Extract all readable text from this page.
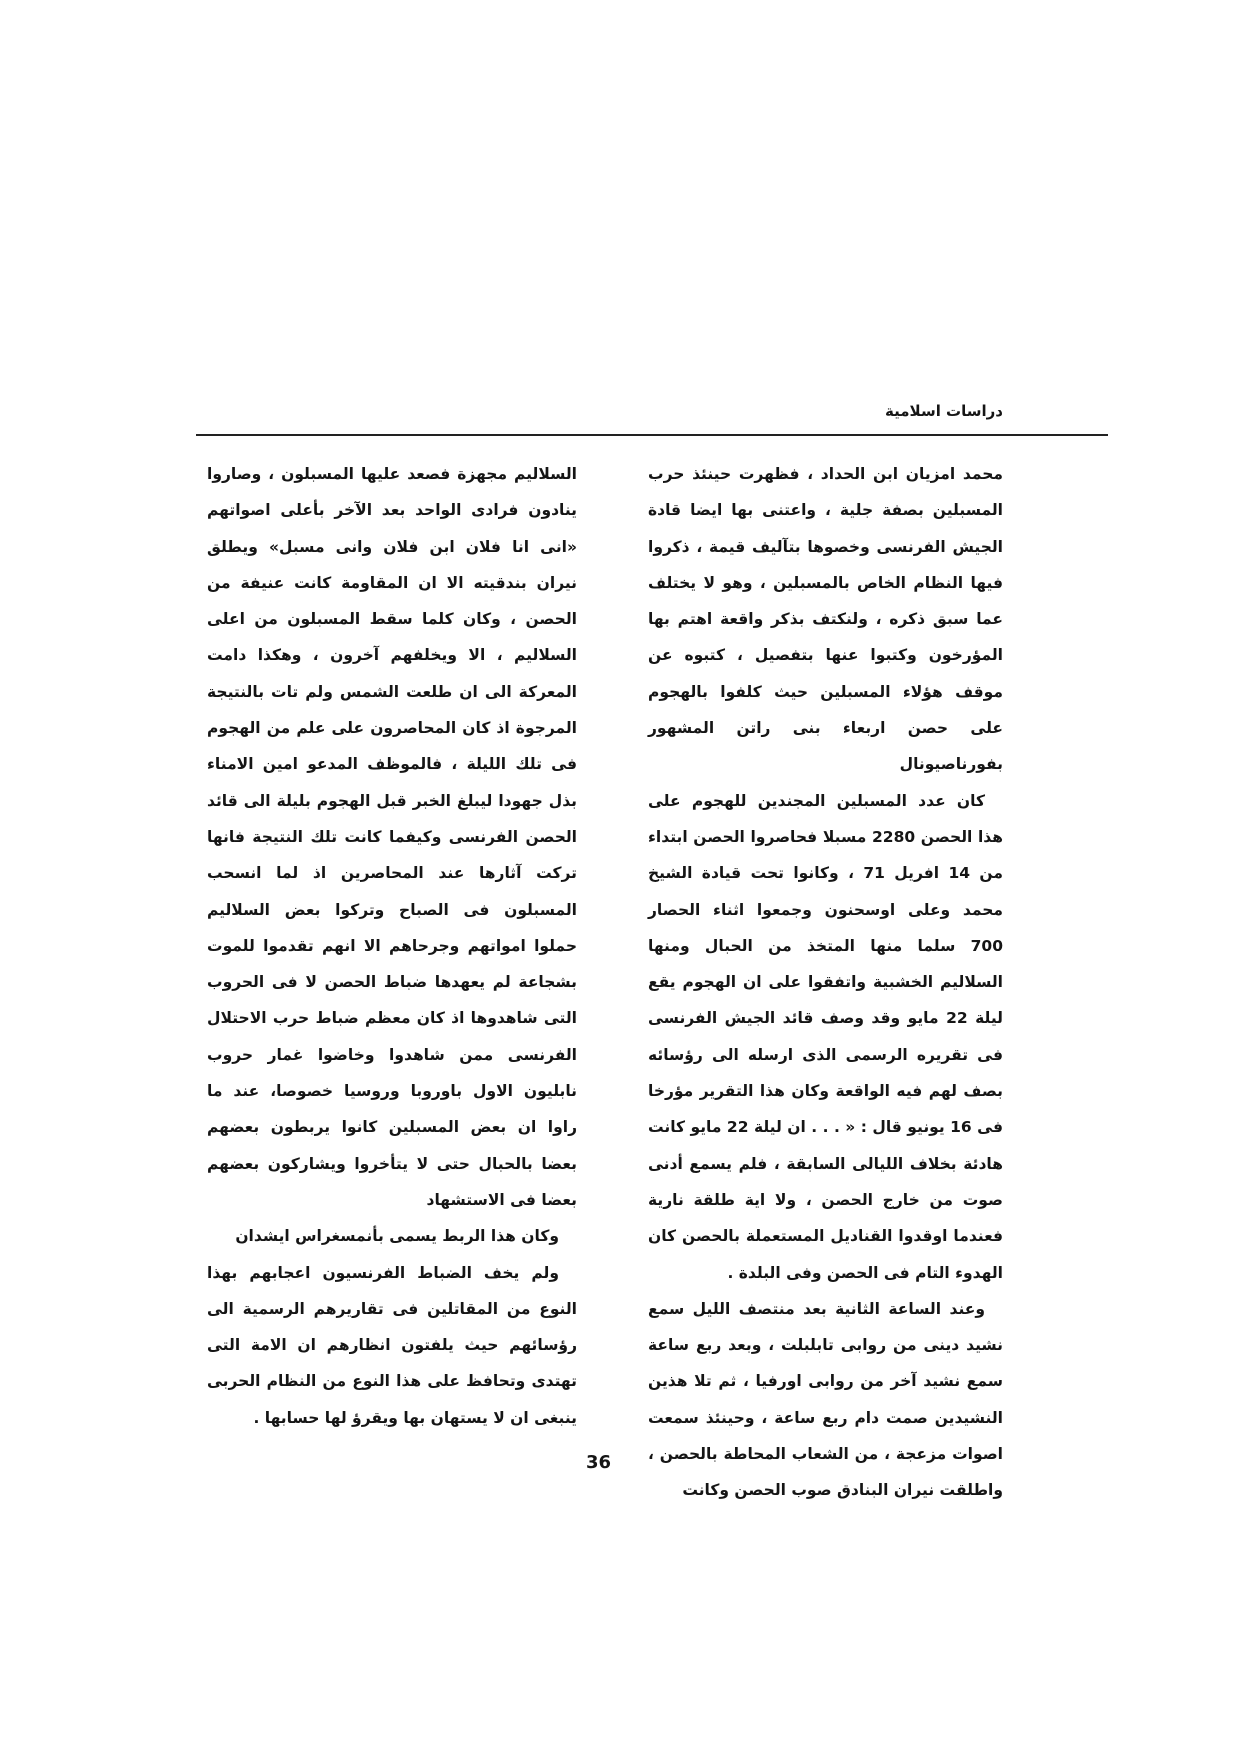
دراسات اسلامية

محمد امزيان ابن الحداد ، فظهرت حينئذ حرب المسبلين بصفة جلية ، واعتنى بها ايضا قادة الجيش الفرنسى وخصوها بتآليف قيمة ، ذكروا فيها النظام الخاص بالمسبلين ، وهو لا يختلف عما سبق ذكره ، ولنكتف بذكر واقعة اهتم بها المؤرخون وكتبوا عنها بتفصيل ، كتبوه عن موقف هؤلاء المسبلين حيث كلفوا بالهجوم على حصن اربعاء بنى راتن المشهور بفورناصيونال

كان عدد المسبلين المجندين للهجوم على هذا الحصن 2280 مسبلا فحاصروا الحصن ابتداء من 14 افريل 71 ، وكانوا تحت قيادة الشيخ محمد وعلى اوسحنون وجمعوا اثناء الحصار 700 سلما منها المتخذ من الحبال ومنها السلاليم الخشبية واتفقوا على ان الهجوم يقع ليلة 22 مايو وقد وصف قائد الجيش الفرنسى فى تقريره الرسمى الذى ارسله الى رؤسائه بصف لهم فيه الواقعة وكان هذا التقرير مؤرخا فى 16 يونيو قال : « . . . ان ليلة 22 مايو كانت هادئة بخلاف الليالى السابقة ، فلم يسمع أدنى صوت من خارج الحصن ، ولا اية طلقة نارية فعندما اوقدوا القناديل المستعملة بالحصن كان الهدوء التام فى الحصن وفى البلدة .

وعند الساعة الثانية بعد منتصف الليل سمع نشيد دينى من روابى تابلبلت ، وبعد ربع ساعة سمع نشيد آخر من روابى اورفيا ، ثم تلا هذين النشيدين صمت دام ربع ساعة ، وحينئذ سمعت اصوات مزعجة ، من الشعاب المحاطة بالحصن ، واطلقت نيران البنادق صوب الحصن وكانت

السلاليم مجهزة فصعد عليها المسبلون ، وصاروا ينادون فرادى الواحد بعد الآخر بأعلى اصواتهم «انى انا فلان ابن فلان وانى مسبل» ويطلق نيران بندقيته الا ان المقاومة كانت عنيفة من الحصن ، وكان كلما سقط المسبلون من اعلى السلاليم ، الا ويخلفهم آخرون ، وهكذا دامت المعركة الى ان طلعت الشمس ولم تات بالنتيجة المرجوة اذ كان المحاصرون على علم من الهجوم فى تلك الليلة ، فالموظف المدعو امين الامناء بذل جهودا ليبلغ الخبر قبل الهجوم بليلة الى قائد الحصن الفرنسى وكيفما كانت تلك النتيجة فانها تركت آثارها عند المحاصرين اذ لما انسحب المسبلون فى الصباح وتركوا بعض السلاليم حملوا امواتهم وجرحاهم الا انهم تقدموا للموت بشجاعة لم يعهدها ضباط الحصن لا فى الحروب التى شاهدوها اذ كان معظم ضباط حرب الاحتلال الفرنسى ممن شاهدوا وخاضوا غمار حروب نابليون الاول باوروبا وروسيا خصوصا، عند ما راوا ان بعض المسبلين كانوا يربطون بعضهم بعضا بالحبال حتى لا يتأخروا ويشاركون بعضهم بعضا فى الاستشهاد

وكان هذا الربط يسمى بأنمسغراس ايشدان

ولم يخف الضباط الفرنسيون اعجابهم بهذا النوع من المقاتلين فى تقاريرهم الرسمية الى رؤسائهم حيث يلفتون انظارهم ان الامة التى تهتدى وتحافظ على هذا النوع من النظام الحربى ينبغى ان لا يستهان بها ويقرؤ لها حسابها .

36
